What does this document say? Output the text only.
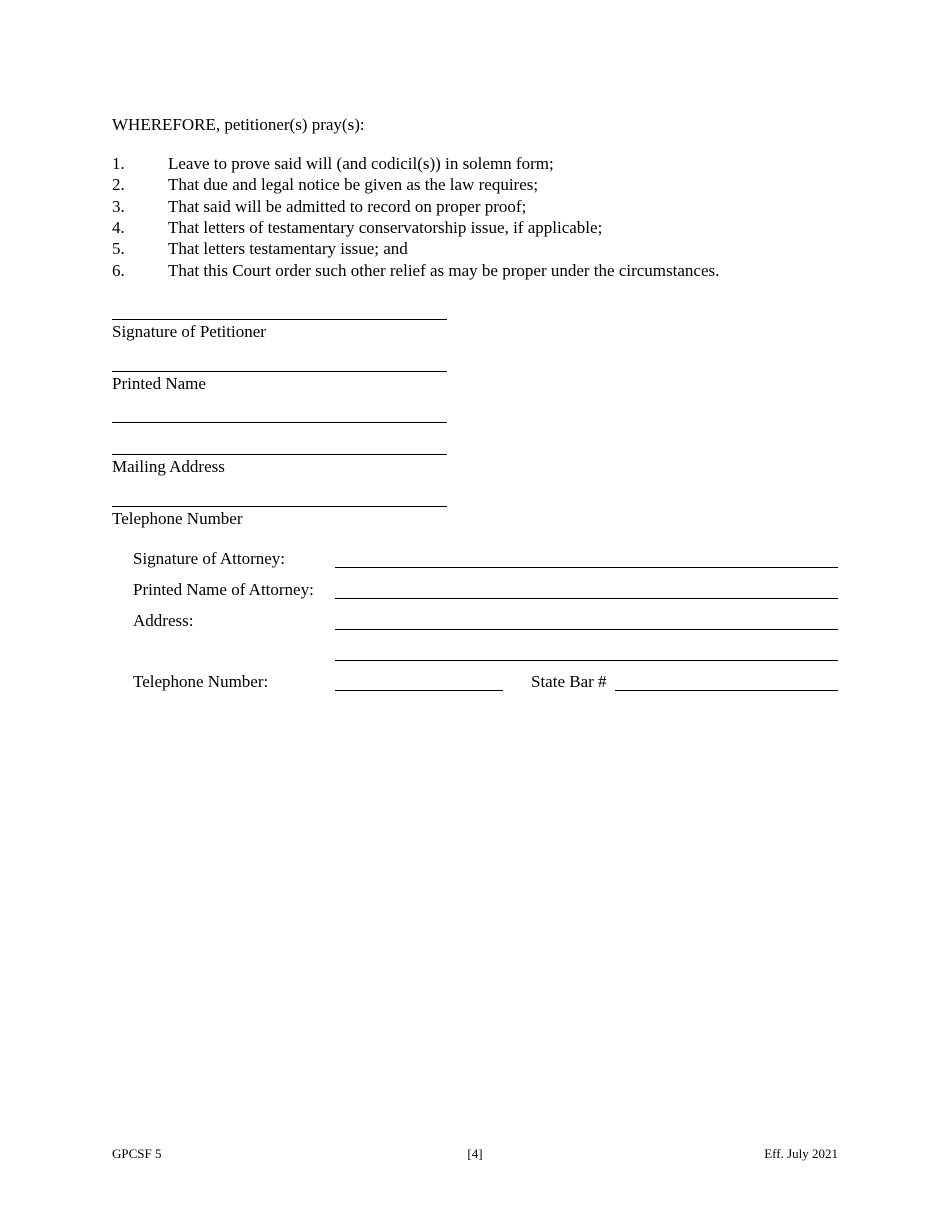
WHEREFORE, petitioner(s) pray(s):
1.	Leave to prove said will (and codicil(s)) in solemn form;
2.	That due and legal notice be given as the law requires;
3.	That said will be admitted to record on proper proof;
4.	That letters of testamentary conservatorship issue, if applicable;
5.	That letters testamentary issue; and
6.	That this Court order such other relief as may be proper under the circumstances.
Signature of Petitioner
Printed Name
Mailing Address
Telephone Number
Signature of Attorney:
Printed Name of Attorney:
Address:
Telephone Number:	State Bar #
GPCSF 5	[4]	Eff. July 2021
